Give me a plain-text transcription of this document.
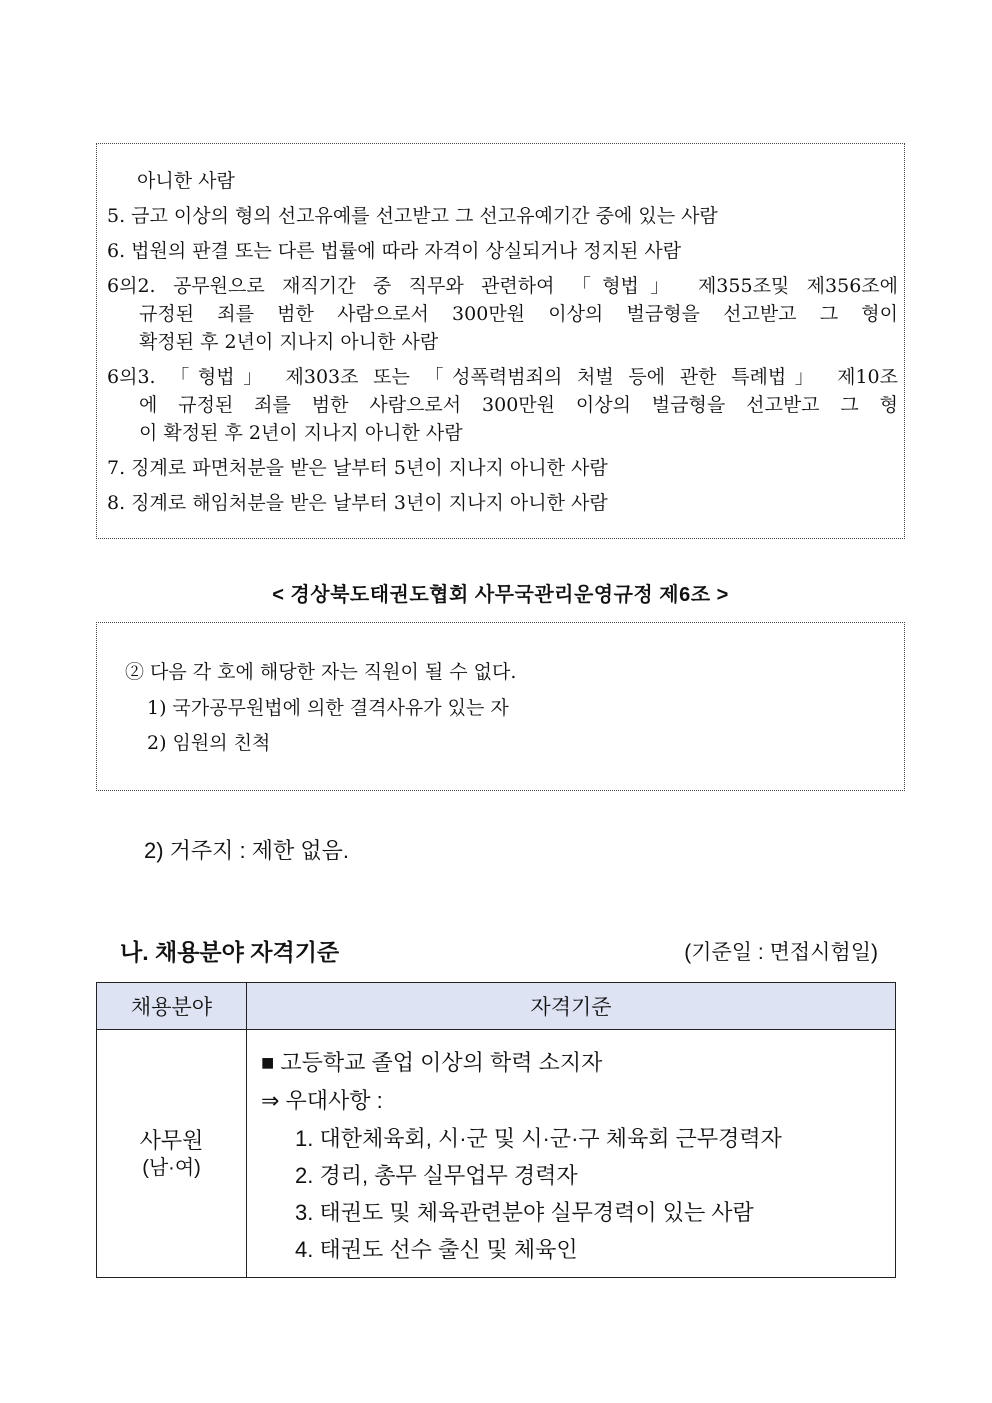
아니한 사람
5. 금고 이상의 형의 선고유예를 선고받고 그 선고유예기간 중에 있는 사람
6. 법원의 판결 또는 다른 법률에 따라 자격이 상실되거나 정지된 사람
6의2. 공무원으로 재직기간 중 직무와 관련하여 「형법」 제355조및 제356조에
규정된 죄를 범한 사람으로서 300만원 이상의 벌금형을 선고받고 그 형이
확정된 후 2년이 지나지 아니한 사람
6의3. 「형법」 제303조 또는 「성폭력범죄의 처벌 등에 관한 특례법」 제10조
에 규정된 죄를 범한 사람으로서 300만원 이상의 벌금형을 선고받고 그 형
이 확정된 후 2년이 지나지 아니한 사람
7. 징계로 파면처분을 받은 날부터 5년이 지나지 아니한 사람
8. 징계로 해임처분을 받은 날부터 3년이 지나지 아니한 사람
< 경상북도태권도협회 사무국관리운영규정 제6조 >
② 다음 각 호에 해당한 자는 직원이 될 수 없다.
1) 국가공무원법에 의한 결격사유가 있는 자
2) 임원의 친척
2) 거주지 : 제한 없음.
나. 채용분야 자격기준	(기준일 : 면접시험일)
채용분야	자격기준
사무원
(남·여)
■ 고등학교 졸업 이상의 학력 소지자
⇒ 우대사항 :
1. 대한체육회, 시·군 및 시·군·구 체육회 근무경력자
2. 경리, 총무 실무업무 경력자
3. 태권도 및 체육관련분야 실무경력이 있는 사람
4. 태권도 선수 출신 및 체육인
